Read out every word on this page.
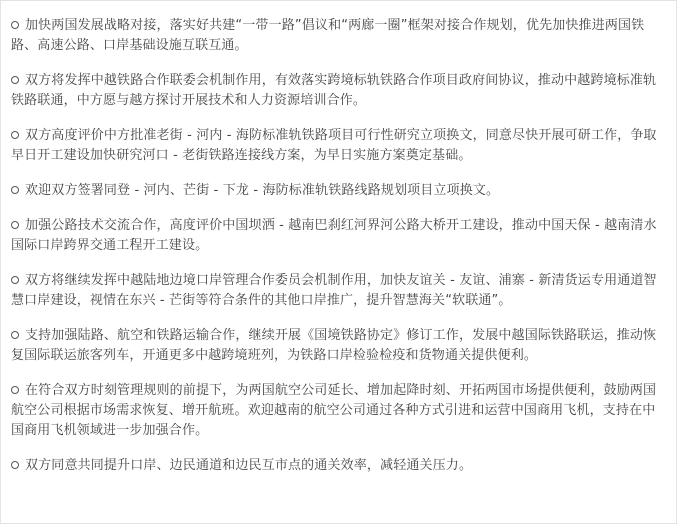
加快两国发展战略对接，落实好共建“一带一路”倡议和“两廊一圈”框架对接合作规划，优先加快推进两国铁路、高速公路、口岸基础设施互联互通。

双方将发挥中越铁路合作联委会机制作用，有效落实跨境标轨铁路合作项目政府间协议，推动中越跨境标准轨铁路联通，中方愿与越方探讨开展技术和人力资源培训合作。

双方高度评价中方批准老街 - 河内 - 海防标准轨铁路项目可行性研究立项换文，同意尽快开展可研工作，争取早日开工建设加快研究河口 - 老街铁路连接线方案，为早日实施方案奠定基础。

欢迎双方签署同登 - 河内、芒街 - 下龙 - 海防标准轨铁路线路规划项目立项换文。

加强公路技术交流合作，高度评价中国坝洒 - 越南巴刹红河界河公路大桥开工建设，推动中国天保 - 越南清水国际口岸跨界交通工程开工建设。

双方将继续发挥中越陆地边境口岸管理合作委员会机制作用，加快友谊关 - 友谊、浦寨 - 新清货运专用通道智慧口岸建设，视情在东兴 - 芒街等符合条件的其他口岸推广，提升智慧海关“软联通”。

支持加强陆路、航空和铁路运输合作，继续开展《国境铁路协定》修订工作，发展中越国际铁路联运，推动恢复国际联运旅客列车，开通更多中越跨境班列，为铁路口岸检验检疫和货物通关提供便利。

在符合双方时刻管理规则的前提下，为两国航空公司延长、增加起降时刻、开拓两国市场提供便利，鼓励两国航空公司根据市场需求恢复、增开航班。欢迎越南的航空公司通过各种方式引进和运营中国商用飞机，支持在中国商用飞机领域进一步加强合作。

双方同意共同提升口岸、边民通道和边民互市点的通关效率，减轻通关压力。
